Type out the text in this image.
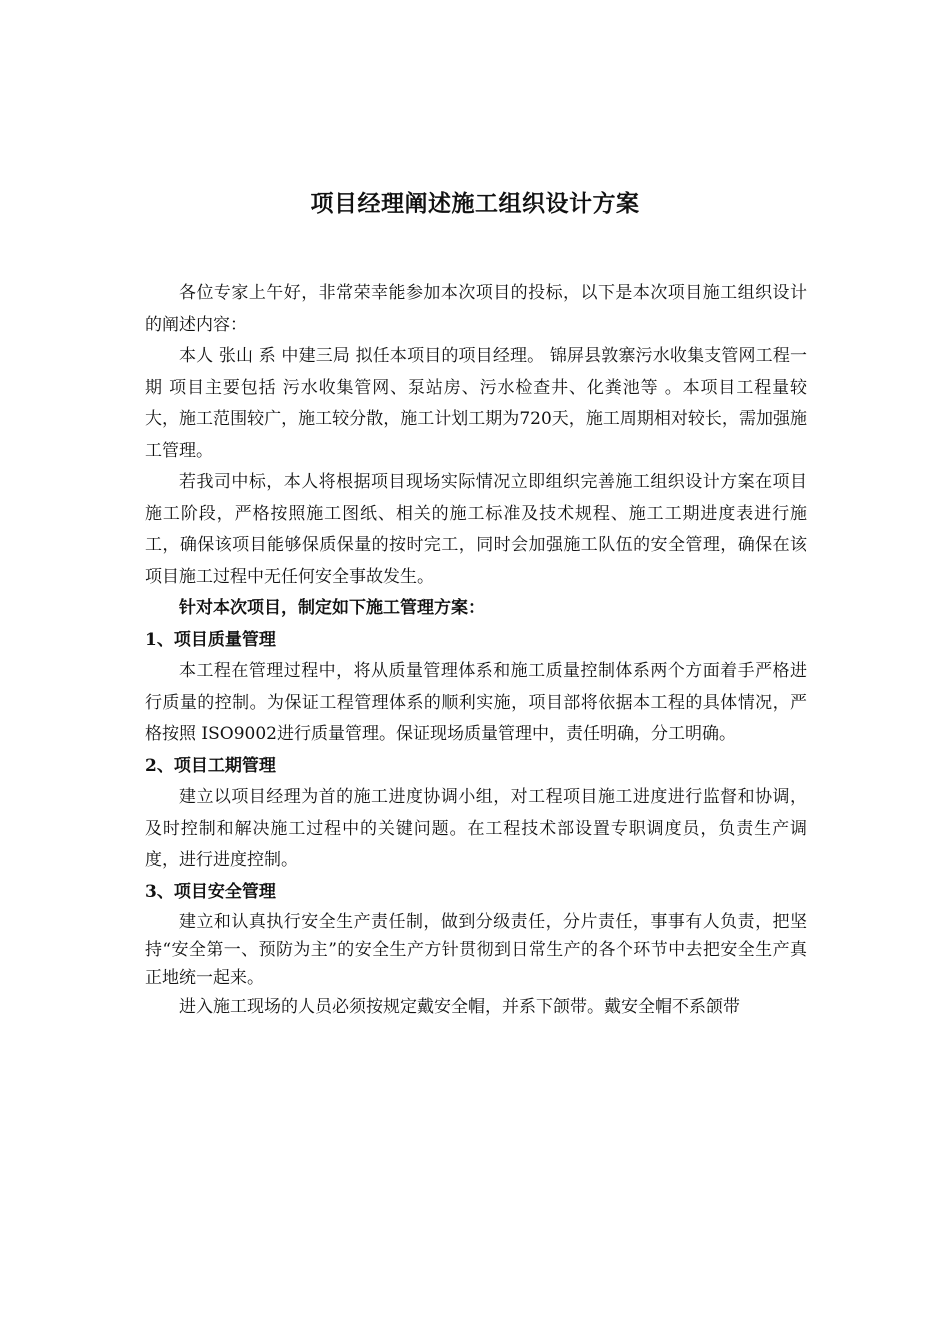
项目经理阐述施工组织设计方案

各位专家上午好，非常荣幸能参加本次项目的投标，以下是本次项目施工组织设计的阐述内容：

本人 张山 系 中建三局 拟任本项目的项目经理。 锦屏县敦寨污水收集支管网工程一期 项目主要包括 污水收集管网、泵站房、污水检查井、化粪池等 。本项目工程量较大，施工范围较广，施工较分散，施工计划工期为720天，施工周期相对较长，需加强施工管理。

若我司中标，本人将根据项目现场实际情况立即组织完善施工组织设计方案在项目施工阶段，严格按照施工图纸、相关的施工标准及技术规程、施工工期进度表进行施工，确保该项目能够保质保量的按时完工，同时会加强施工队伍的安全管理，确保在该项目施工过程中无任何安全事故发生。

针对本次项目，制定如下施工管理方案：

1、项目质量管理

本工程在管理过程中，将从质量管理体系和施工质量控制体系两个方面着手严格进行质量的控制。为保证工程管理体系的顺利实施，项目部将依据本工程的具体情况，严格按照 ISO9002进行质量管理。保证现场质量管理中，责任明确，分工明确。

2、项目工期管理

建立以项目经理为首的施工进度协调小组，对工程项目施工进度进行监督和协调，及时控制和解决施工过程中的关键问题。在工程技术部设置专职调度员，负责生产调度，进行进度控制。

3、项目安全管理

建立和认真执行安全生产责任制，做到分级责任，分片责任，事事有人负责，把坚持“安全第一、预防为主”的安全生产方针贯彻到日常生产的各个环节中去把安全生产真正地统一起来。

进入施工现场的人员必须按规定戴安全帽，并系下颌带。戴安全帽不系颌带
